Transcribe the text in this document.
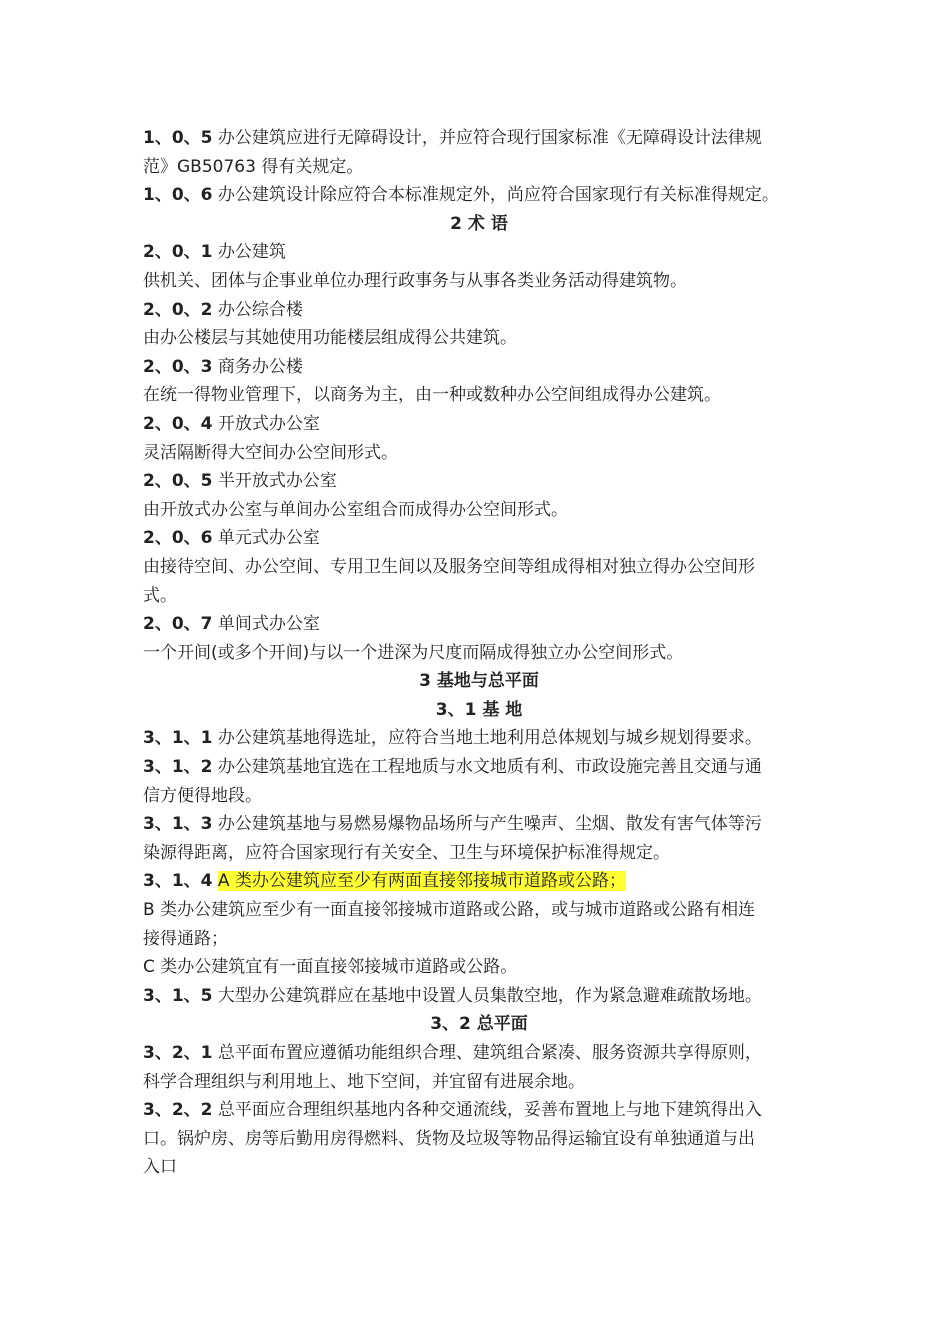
1、0、5 办公建筑应进行无障碍设计，并应符合现行国家标准《无障碍设计法律规
范》GB50763 得有关规定。
1、0、6 办公建筑设计除应符合本标准规定外，尚应符合国家现行有关标准得规定。
2 术 语
2、0、1 办公建筑
供机关、团体与企事业单位办理行政事务与从事各类业务活动得建筑物。
2、0、2 办公综合楼
由办公楼层与其她使用功能楼层组成得公共建筑。
2、0、3 商务办公楼
在统一得物业管理下，以商务为主，由一种或数种办公空间组成得办公建筑。
2、0、4 开放式办公室
灵活隔断得大空间办公空间形式。
2、0、5 半开放式办公室
由开放式办公室与单间办公室组合而成得办公空间形式。
2、0、6 单元式办公室
由接待空间、办公空间、专用卫生间以及服务空间等组成得相对独立得办公空间形
式。
2、0、7 单间式办公室
一个开间(或多个开间)与以一个进深为尺度而隔成得独立办公空间形式。
3 基地与总平面
3、1 基 地
3、1、1 办公建筑基地得选址，应符合当地土地利用总体规划与城乡规划得要求。
3、1、2 办公建筑基地宜选在工程地质与水文地质有利、市政设施完善且交通与通
信方便得地段。
3、1、3 办公建筑基地与易燃易爆物品场所与产生噪声、尘烟、散发有害气体等污
染源得距离，应符合国家现行有关安全、卫生与环境保护标准得规定。
3、1、4 A 类办公建筑应至少有两面直接邻接城市道路或公路；
B 类办公建筑应至少有一面直接邻接城市道路或公路，或与城市道路或公路有相连
接得通路；
C 类办公建筑宜有一面直接邻接城市道路或公路。
3、1、5 大型办公建筑群应在基地中设置人员集散空地，作为紧急避难疏散场地。
3、2 总平面
3、2、1 总平面布置应遵循功能组织合理、建筑组合紧凑、服务资源共享得原则，
科学合理组织与利用地上、地下空间，并宜留有进展余地。
3、2、2 总平面应合理组织基地内各种交通流线，妥善布置地上与地下建筑得出入
口。锅炉房、房等后勤用房得燃料、货物及垃圾等物品得运输宜设有单独通道与出
入口
